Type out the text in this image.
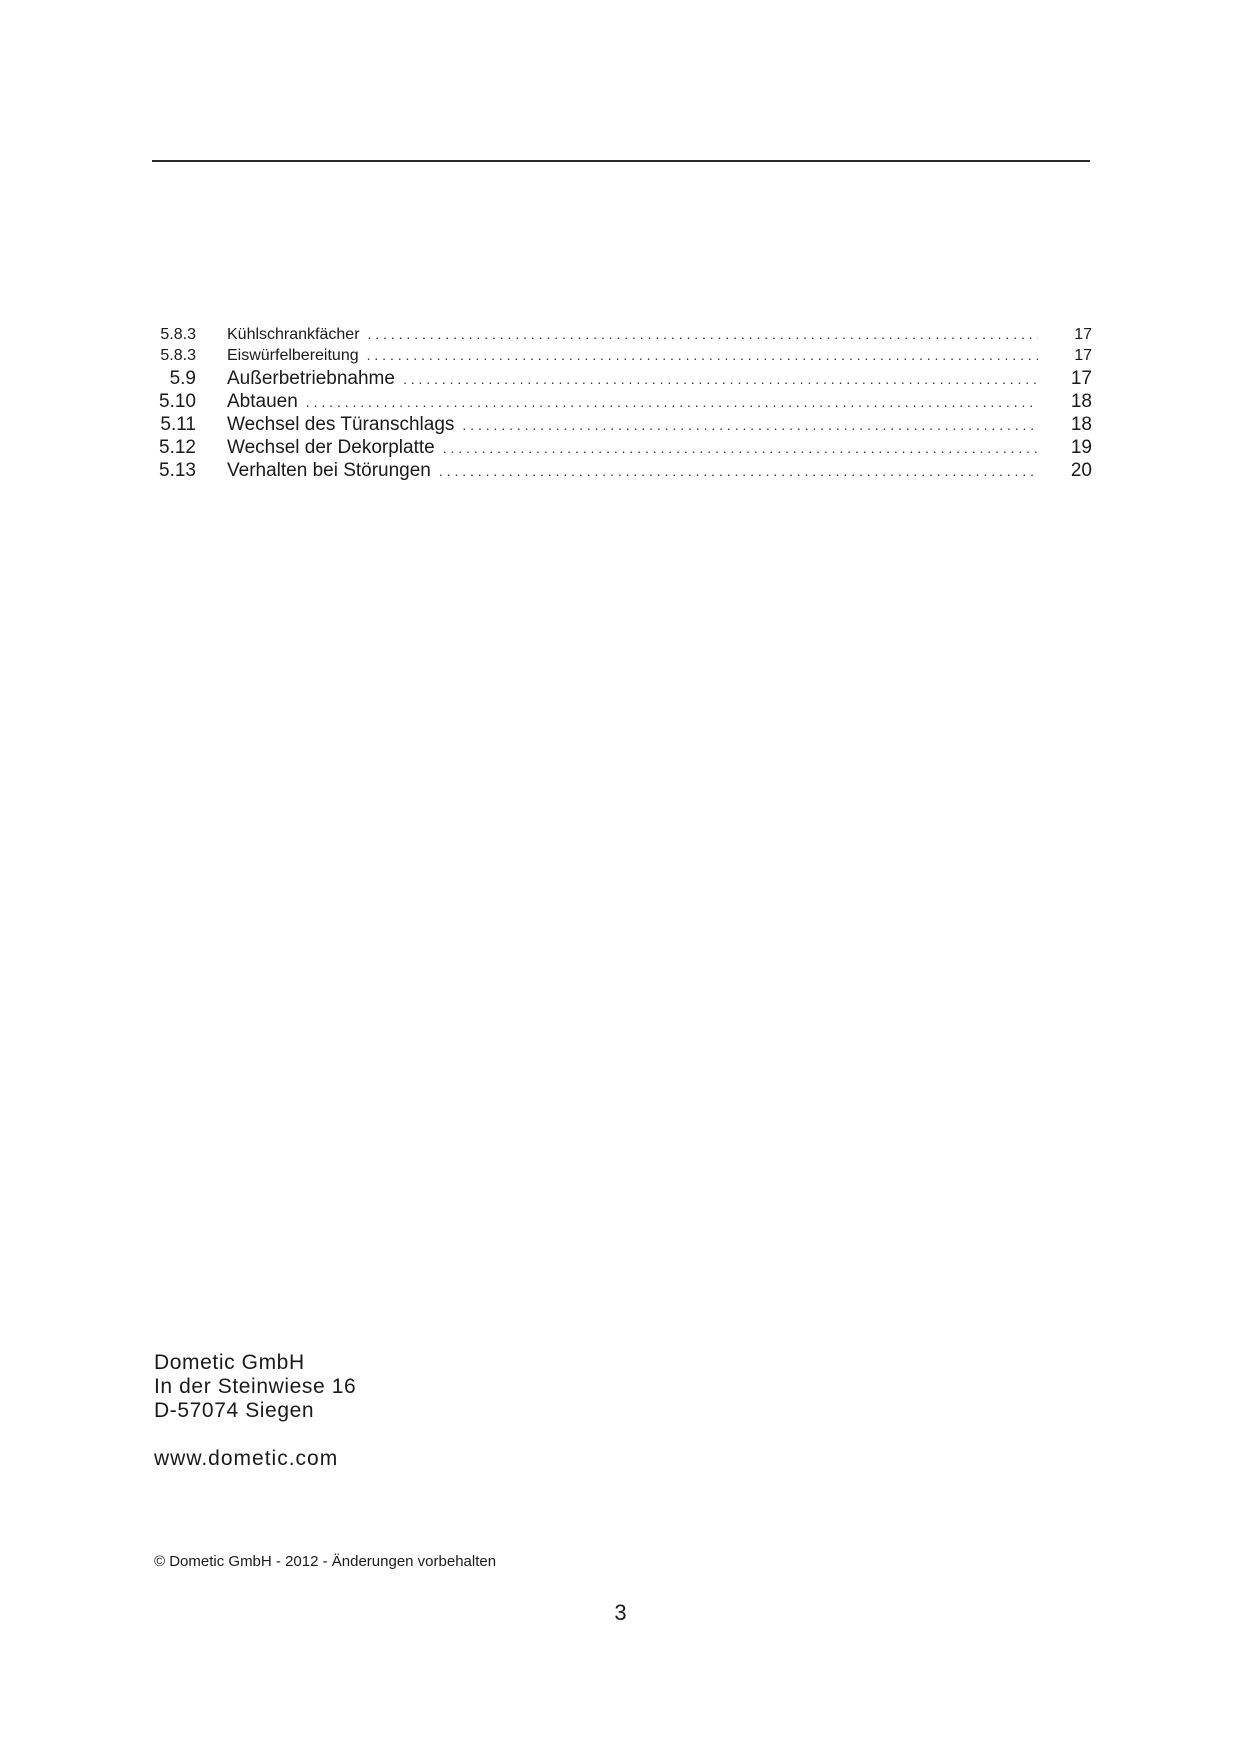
5.8.3 Kühlschrankfächer . . .	17
5.8.3 Eiswürfelbereitung . . .	17
5.9 Außerbetriebnahme . . .	17
5.10 Abtauen . . .	18
5.11 Wechsel des Türanschlags . . .	18
5.12 Wechsel der Dekorplatte . . .	19
5.13 Verhalten bei Störungen . . .	20
Dometic GmbH
In der Steinwiese 16
D-57074 Siegen
www.dometic.com
© Dometic GmbH - 2012 - Änderungen vorbehalten
3
